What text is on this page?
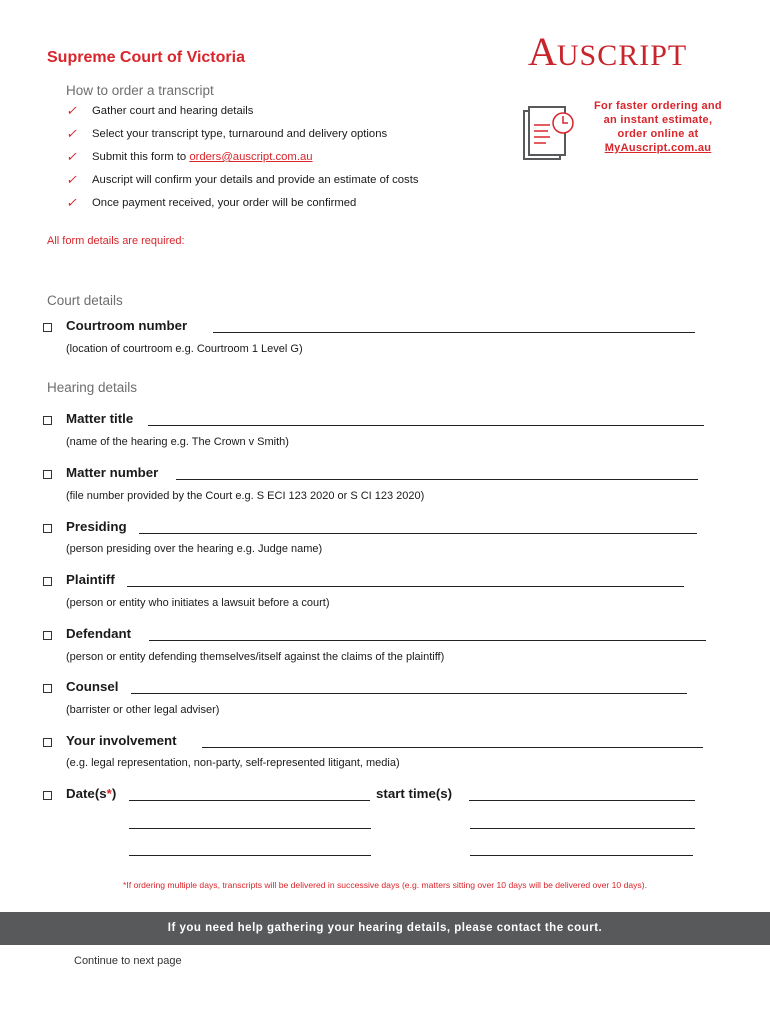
Supreme Court of Victoria	AUSCRIPT
How to order a transcript
✓ Gather court and hearing details
✓ Select your transcript type, turnaround and delivery options
✓ Submit this form to orders@auscript.com.au
✓ Auscript will confirm your details and provide an estimate of costs
✓ Once payment received, your order will be confirmed
All form details are required:
For faster ordering and
an instant estimate,
order online at
MyAuscript.com.au
Court details
Courtroom number
(location of courtroom e.g. Courtroom 1 Level G)
Hearing details
Matter title
(name of the hearing e.g. The Crown v Smith)
Matter number
(file number provided by the Court e.g. S ECI 123 2020 or S CI 123 2020)
Presiding
(person presiding over the hearing e.g. Judge name)
Plaintiff
(person or entity who initiates a lawsuit before a court)
Defendant
(person or entity defending themselves/itself against the claims of the plaintiff)
Counsel
(barrister or other legal adviser)
Your involvement
(e.g. legal representation, non-party, self-represented litigant, media)
Date(s*)	start time(s)
*If ordering multiple days, transcripts will be delivered in successive days (e.g. matters sitting over 10 days will be delivered over 10 days).
If you need help gathering your hearing details, please contact the court.
Continue to next page
